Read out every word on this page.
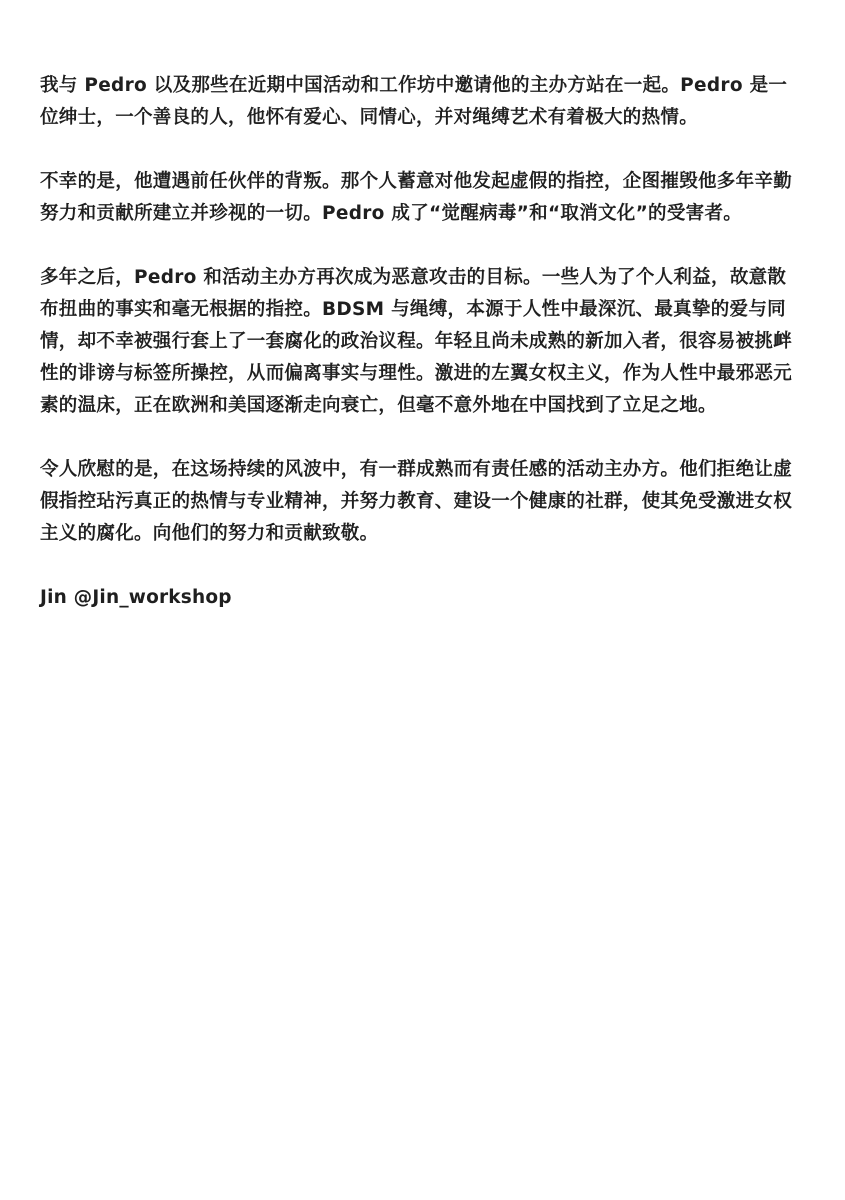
我与 Pedro 以及那些在近期中国活动和工作坊中邀请他的主办方站在一起。Pedro 是一位绅士，一个善良的人，他怀有爱心、同情心，并对绳缚艺术有着极大的热情。

不幸的是，他遭遇前任伙伴的背叛。那个人蓄意对他发起虚假的指控，企图摧毁他多年辛勤努力和贡献所建立并珍视的一切。Pedro 成了“觉醒病毒”和“取消文化”的受害者。

多年之后，Pedro 和活动主办方再次成为恶意攻击的目标。一些人为了个人利益，故意散布扭曲的事实和毫无根据的指控。BDSM 与绳缚，本源于人性中最深沉、最真挚的爱与同情，却不幸被强行套上了一套腐化的政治议程。年轻且尚未成熟的新加入者，很容易被挑衅性的诽谤与标签所操控，从而偏离事实与理性。激进的左翼女权主义，作为人性中最邪恶元素的温床，正在欧洲和美国逐渐走向衰亡，但毫不意外地在中国找到了立足之地。

令人欣慰的是，在这场持续的风波中，有一群成熟而有责任感的活动主办方。他们拒绝让虚假指控玷污真正的热情与专业精神，并努力教育、建设一个健康的社群，使其免受激进女权主义的腐化。向他们的努力和贡献致敬。

Jin @Jin_workshop
